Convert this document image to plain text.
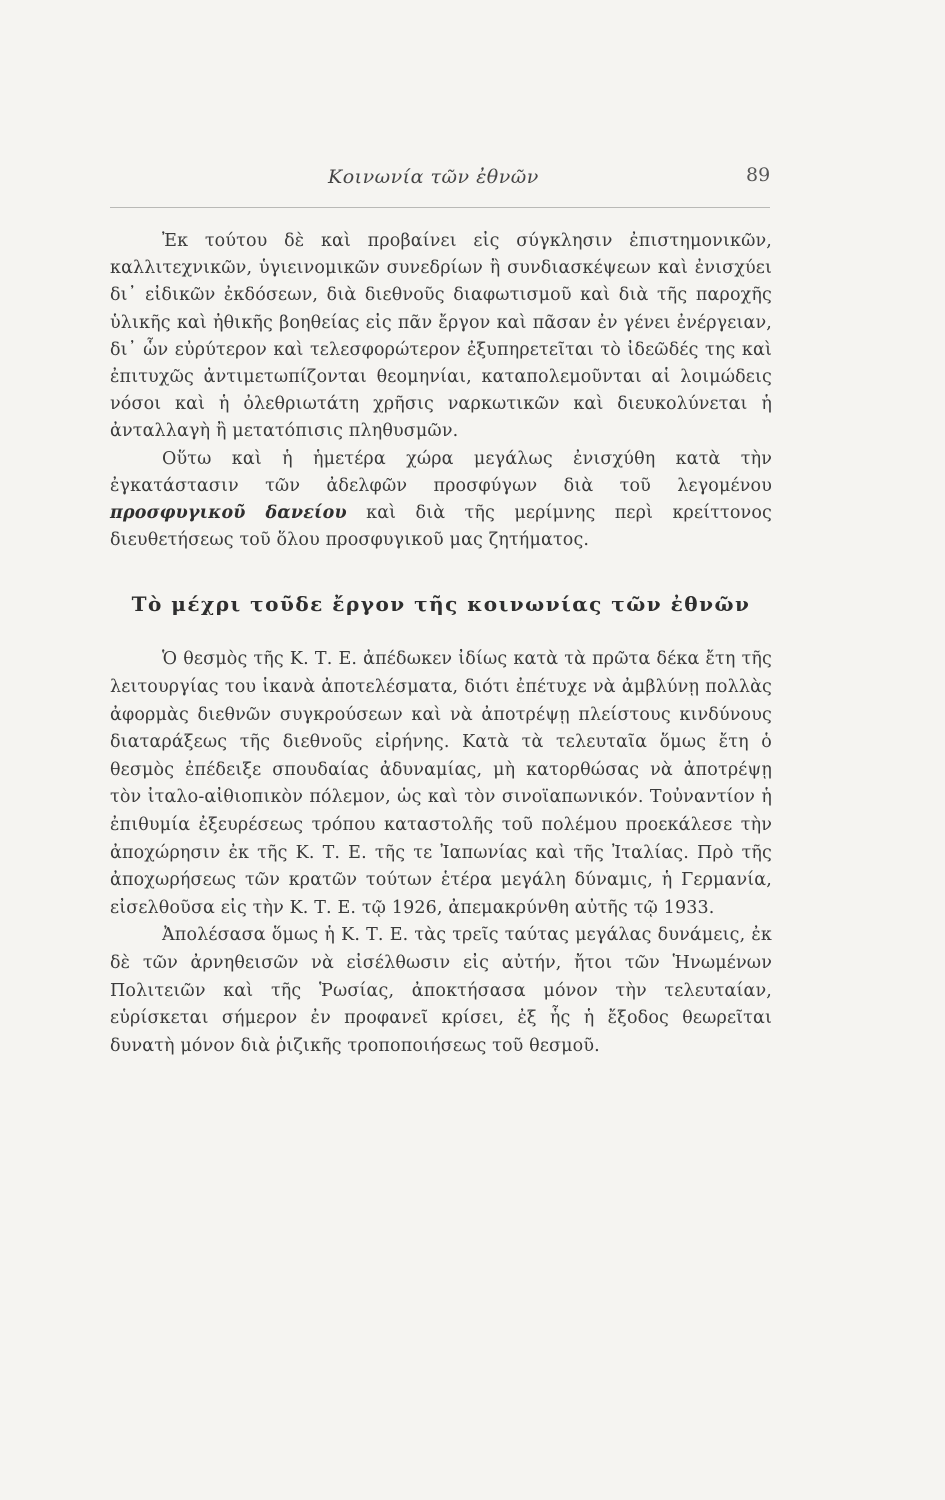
Κοινωνία τῶν ἐθνῶν	89

Ἐκ τούτου δὲ καὶ προβαίνει εἰς σύγκλησιν ἐπιστημονικῶν, καλλιτεχνικῶν, ὑγιεινομικῶν συνεδρίων ἢ συνδιασκέψεων καὶ ἐνισχύει δι᾽ εἰδικῶν ἐκδόσεων, διὰ διεθνοῦς διαφωτισμοῦ καὶ διὰ τῆς παροχῆς ὑλικῆς καὶ ἠθικῆς βοηθείας εἰς πᾶν ἔργον καὶ πᾶσαν ἐν γένει ἐνέργειαν, δι᾽ ὧν εὐρύτερον καὶ τελεσφορώτερον ἐξυπηρετεῖται τὸ ἰδεῶδές της καὶ ἐπιτυχῶς ἀντιμετωπίζονται θεομηνίαι, καταπολεμοῦνται αἱ λοιμώδεις νόσοι καὶ ἡ ὀλεθριωτάτη χρῆσις ναρκωτικῶν καὶ διευκολύνεται ἡ ἀνταλλαγὴ ἢ μετατόπισις πληθυσμῶν.

Οὕτω καὶ ἡ ἡμετέρα χώρα μεγάλως ἐνισχύθη κατὰ τὴν ἐγκατάστασιν τῶν ἀδελφῶν προσφύγων διὰ τοῦ λεγομένου προσφυγικοῦ δανείου καὶ διὰ τῆς μερίμνης περὶ κρείττονος διευθετήσεως τοῦ ὅλου προσφυγικοῦ μας ζητήματος.

Τὸ μέχρι τοῦδε ἔργον τῆς κοινωνίας τῶν ἐθνῶν

Ὁ θεσμὸς τῆς Κ. Τ. Ε. ἀπέδωκεν ἰδίως κατὰ τὰ πρῶτα δέκα ἔτη τῆς λειτουργίας του ἱκανὰ ἀποτελέσματα, διότι ἐπέτυχε νὰ ἀμβλύνῃ πολλὰς ἀφορμὰς διεθνῶν συγκρούσεων καὶ νὰ ἀποτρέψῃ πλείστους κινδύνους διαταράξεως τῆς διεθνοῦς εἰρήνης. Κατὰ τὰ τελευταῖα ὅμως ἔτη ὁ θεσμὸς ἐπέδειξε σπουδαίας ἀδυναμίας, μὴ κατορθώσας νὰ ἀποτρέψῃ τὸν ἰταλο-αἰθιοπικὸν πόλεμον, ὡς καὶ τὸν σινοϊαπωνικόν. Τοὐναντίον ἡ ἐπιθυμία ἐξευρέσεως τρόπου καταστολῆς τοῦ πολέμου προεκάλεσε τὴν ἀποχώρησιν ἐκ τῆς Κ. Τ. Ε. τῆς τε Ἰαπωνίας καὶ τῆς Ἰταλίας. Πρὸ τῆς ἀποχωρήσεως τῶν κρατῶν τούτων ἑτέρα μεγάλη δύναμις, ἡ Γερμανία, εἰσελθοῦσα εἰς τὴν Κ. Τ. Ε. τῷ 1926, ἀπεμακρύνθη αὐτῆς τῷ 1933.

Ἀπολέσασα ὅμως ἡ Κ. Τ. Ε. τὰς τρεῖς ταύτας μεγάλας δυνάμεις, ἐκ δὲ τῶν ἀρνηθεισῶν νὰ εἰσέλθωσιν εἰς αὐτήν, ἤτοι τῶν Ἡνωμένων Πολιτειῶν καὶ τῆς Ῥωσίας, ἀποκτήσασα μόνον τὴν τελευταίαν, εὑρίσκεται σήμερον ἐν προφανεῖ κρίσει, ἐξ ἧς ἡ ἔξοδος θεωρεῖται δυνατὴ μόνον διὰ ῥιζικῆς τροποποιήσεως τοῦ θεσμοῦ.
